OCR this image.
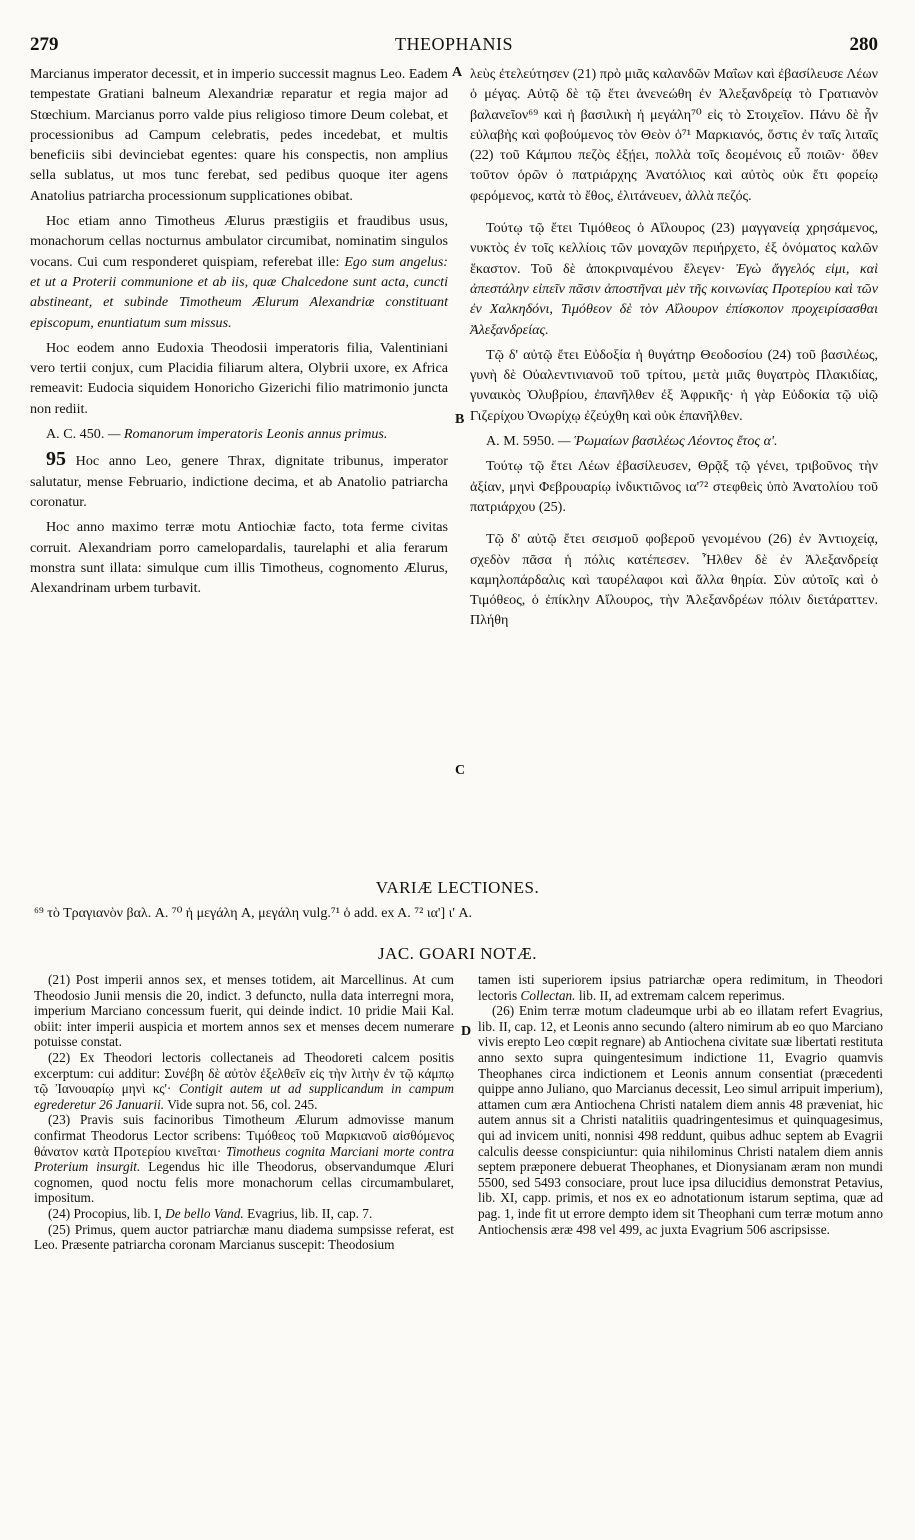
279	THEOPHANIS	280
A
B
C
D

Marcianus imperator decessit, et in imperio successit magnus Leo. Eadem tempestate Gratiani balneum Alexandriæ reparatur et regia major ad Stœchium. Marcianus porro valde pius religioso timore Deum colebat, et processionibus ad Campum celebratis, pedes incedebat, et multis beneficiis sibi devinciebat egentes: quare his conspectis, non amplius sella sublatus, ut mos tunc ferebat, sed pedibus quoque iter agens Anatolius patriarcha processionum supplicationes obibat.

Hoc etiam anno Timotheus Ælurus præstigiis et fraudibus usus, monachorum cellas nocturnus ambulator circumibat, nominatim singulos vocans. Cui cum responderet quispiam, referebat ille: Ego sum angelus: et ut a Proterii communione et ab iis, quæ Chalcedone sunt acta, cuncti abstineant, et subinde Timotheum Ælurum Alexandriæ constituant episcopum, enuntiatum sum missus.

Hoc eodem anno Eudoxia Theodosii imperatoris filia, Valentiniani vero tertii conjux, cum Placidia filiarum altera, Olybrii uxore, ex Africa remeavit: Eudocia siquidem Honoricho Gizerichi filio matrimonio juncta non rediit.

A. C. 450. — Romanorum imperatoris Leonis annus primus.

95 Hoc anno Leo, genere Thrax, dignitate tribunus, imperator salutatur, mense Februario, indictione decima, et ab Anatolio patriarcha coronatur.

Hoc anno maximo terræ motu Antiochiæ facto, tota ferme civitas corruit. Alexandriam porro camelopardalis, taurelaphi et alia ferarum monstra sunt illata: simulque cum illis Timotheus, cognomento Ælurus, Alexandrinam urbem turbavit.

λεὺς ἐτελεύτησεν (21) πρὸ μιᾶς καλανδῶν Μαΐων καὶ ἐβασίλευσε Λέων ὁ μέγας. Αὐτῷ δὲ τῷ ἔτει ἀνενεώθη ἐν Ἀλεξανδρείᾳ τὸ Γρατιανὸν βαλανεῖον⁶⁹ καὶ ἡ βασιλικὴ ἡ μεγάλη⁷⁰ εἰς τὸ Στοιχεῖον. Πάνυ δὲ ἦν εὐλαβὴς καὶ φοβούμενος τὸν Θεὸν ὁ⁷¹ Μαρκιανός, ὅστις ἐν ταῖς λιταῖς (22) τοῦ Κάμπου πεζὸς ἐξῄει, πολλὰ τοῖς δεομένοις εὖ ποιῶν· ὅθεν τοῦτον ὁρῶν ὁ πατριάρχης Ἀνατόλιος καὶ αὐτὸς οὐκ ἔτι φορείῳ φερόμενος, κατὰ τὸ ἔθος, ἐλιτάνευεν, ἀλλὰ πεζός.

Τούτῳ τῷ ἔτει Τιμόθεος ὁ Αἴλουρος (23) μαγγανείᾳ χρησάμενος, νυκτὸς ἐν τοῖς κελλίοις τῶν μοναχῶν περιήρχετο, ἐξ ὀνόματος καλῶν ἕκαστον. Τοῦ δὲ ἀποκριναμένου ἔλεγεν· Ἐγὼ ἄγγελός εἰμι, καὶ ἀπεστάλην εἰπεῖν πᾶσιν ἀποστῆναι μὲν τῆς κοινωνίας Προτερίου καὶ τῶν ἐν Χαλκηδόνι, Τιμόθεον δὲ τὸν Αἴλουρον ἐπίσκοπον προχειρίσασθαι Ἀλεξανδρείας.

Τῷ δ' αὐτῷ ἔτει Εὐδοξία ἡ θυγάτηρ Θεοδοσίου (24) τοῦ βασιλέως, γυνὴ δὲ Οὐαλεντινιανοῦ τοῦ τρίτου, μετὰ μιᾶς θυγατρὸς Πλακιδίας, γυναικὸς Ὀλυβρίου, ἐπανῆλθεν ἐξ Ἀφρικῆς· ἡ γὰρ Εὐδοκία τῷ υἱῷ Γιζερίχου Ὀνωρίχῳ ἐζεύχθη καὶ οὐκ ἐπανῆλθεν.

A. M. 5950. — Ῥωμαίων βασιλέως Λέοντος ἔτος α'.

Τούτῳ τῷ ἔτει Λέων ἐβασίλευσεν, Θρᾷξ τῷ γένει, τριβοῦνος τὴν ἀξίαν, μηνὶ Φεβρουαρίῳ ἰνδικτιῶνος ια'⁷² στεφθεὶς ὑπὸ Ἀνατολίου τοῦ πατριάρχου (25).

Τῷ δ' αὐτῷ ἔτει σεισμοῦ φοβεροῦ γενομένου (26) ἐν Ἀντιοχείᾳ, σχεδὸν πᾶσα ἡ πόλις κατέπεσεν. Ἦλθεν δὲ ἐν Ἀλεξανδρείᾳ καμηλοπάρδαλις καὶ ταυρέλαφοι καὶ ἄλλα θηρία. Σὺν αὐτοῖς καὶ ὁ Τιμόθεος, ὁ ἐπίκλην Αἴλουρος, τὴν Ἀλεξανδρέων πόλιν διετάραττεν. Πλήθη

VARIÆ LECTIONES.
⁶⁹ τὸ Τραγιανὸν βαλ. A. ⁷⁰ ἡ μεγάλη A, μεγάλη vulg.⁷¹ ὁ add. ex A. ⁷² ια'] ι' A.
JAC. GOARI NOTÆ.

(21) Post imperii annos sex, et menses totidem, ait Marcellinus. At cum Theodosio Junii mensis die 20, indict. 3 defuncto, nulla data interregni mora, imperium Marciano concessum fuerit, qui deinde indict. 10 pridie Maii Kal. obiit: inter imperii auspicia et mortem annos sex et menses decem numerare potuisse constat.

(22) Ex Theodori lectoris collectaneis ad Theodoreti calcem positis excerptum: cui additur: Συνέβη δὲ αὐτὸν ἐξελθεῖν εἰς τὴν λιτὴν ἐν τῷ κάμπῳ τῷ Ἰανουαρίῳ μηνὶ κς'· Contigit autem ut ad supplicandum in campum egrederetur 26 Januarii. Vide supra not. 56, col. 245.

(23) Pravis suis facinoribus Timotheum Ælurum admovisse manum confirmat Theodorus Lector scribens: Τιμόθεος τοῦ Μαρκιανοῦ αἰσθόμενος θάνατον κατὰ Προτερίου κινεῖται· Timotheus cognita Marciani morte contra Proterium insurgit. Legendus hic ille Theodorus, observandumque Æluri cognomen, quod noctu felis more monachorum cellas circumambularet, impositum.

(24) Procopius, lib. I, De bello Vand. Evagrius, lib. II, cap. 7.

(25) Primus, quem auctor patriarchæ manu diadema sumpsisse referat, est Leo. Præsente patriarcha coronam Marcianus suscepit: Theodosium

tamen isti superiorem ipsius patriarchæ opera redimitum, in Theodori lectoris Collectan. lib. II, ad extremam calcem reperimus.

(26) Enim terræ motum cladeumque urbi ab eo illatam refert Evagrius, lib. II, cap. 12, et Leonis anno secundo (altero nimirum ab eo quo Marciano vivis erepto Leo cœpit regnare) ab Antiochena civitate suæ libertati restituta anno sexto supra quingentesimum indictione 11, Evagrio quamvis Theophanes circa indictionem et Leonis annum consentiat (præcedenti quippe anno Juliano, quo Marcianus decessit, Leo simul arripuit imperium), attamen cum æra Antiochena Christi natalem diem annis 48 præveniat, hic autem annus sit a Christi natalitiis quadringentesimus et quinquagesimus, qui ad invicem uniti, nonnisi 498 reddunt, quibus adhuc septem ab Evagrii calculis deesse conspiciuntur: quia nihilominus Christi natalem diem annis septem præponere debuerat Theophanes, et Dionysianam æram non mundi 5500, sed 5493 consociare, prout luce ipsa dilucidius demonstrat Petavius, lib. XI, capp. primis, et nos ex eo adnotationum istarum septima, quæ ad pag. 1, inde fit ut errore dempto idem sit Theophani cum terræ motum anno Antiochensis æræ 498 vel 499, ac juxta Evagrium 506 ascripsisse.
